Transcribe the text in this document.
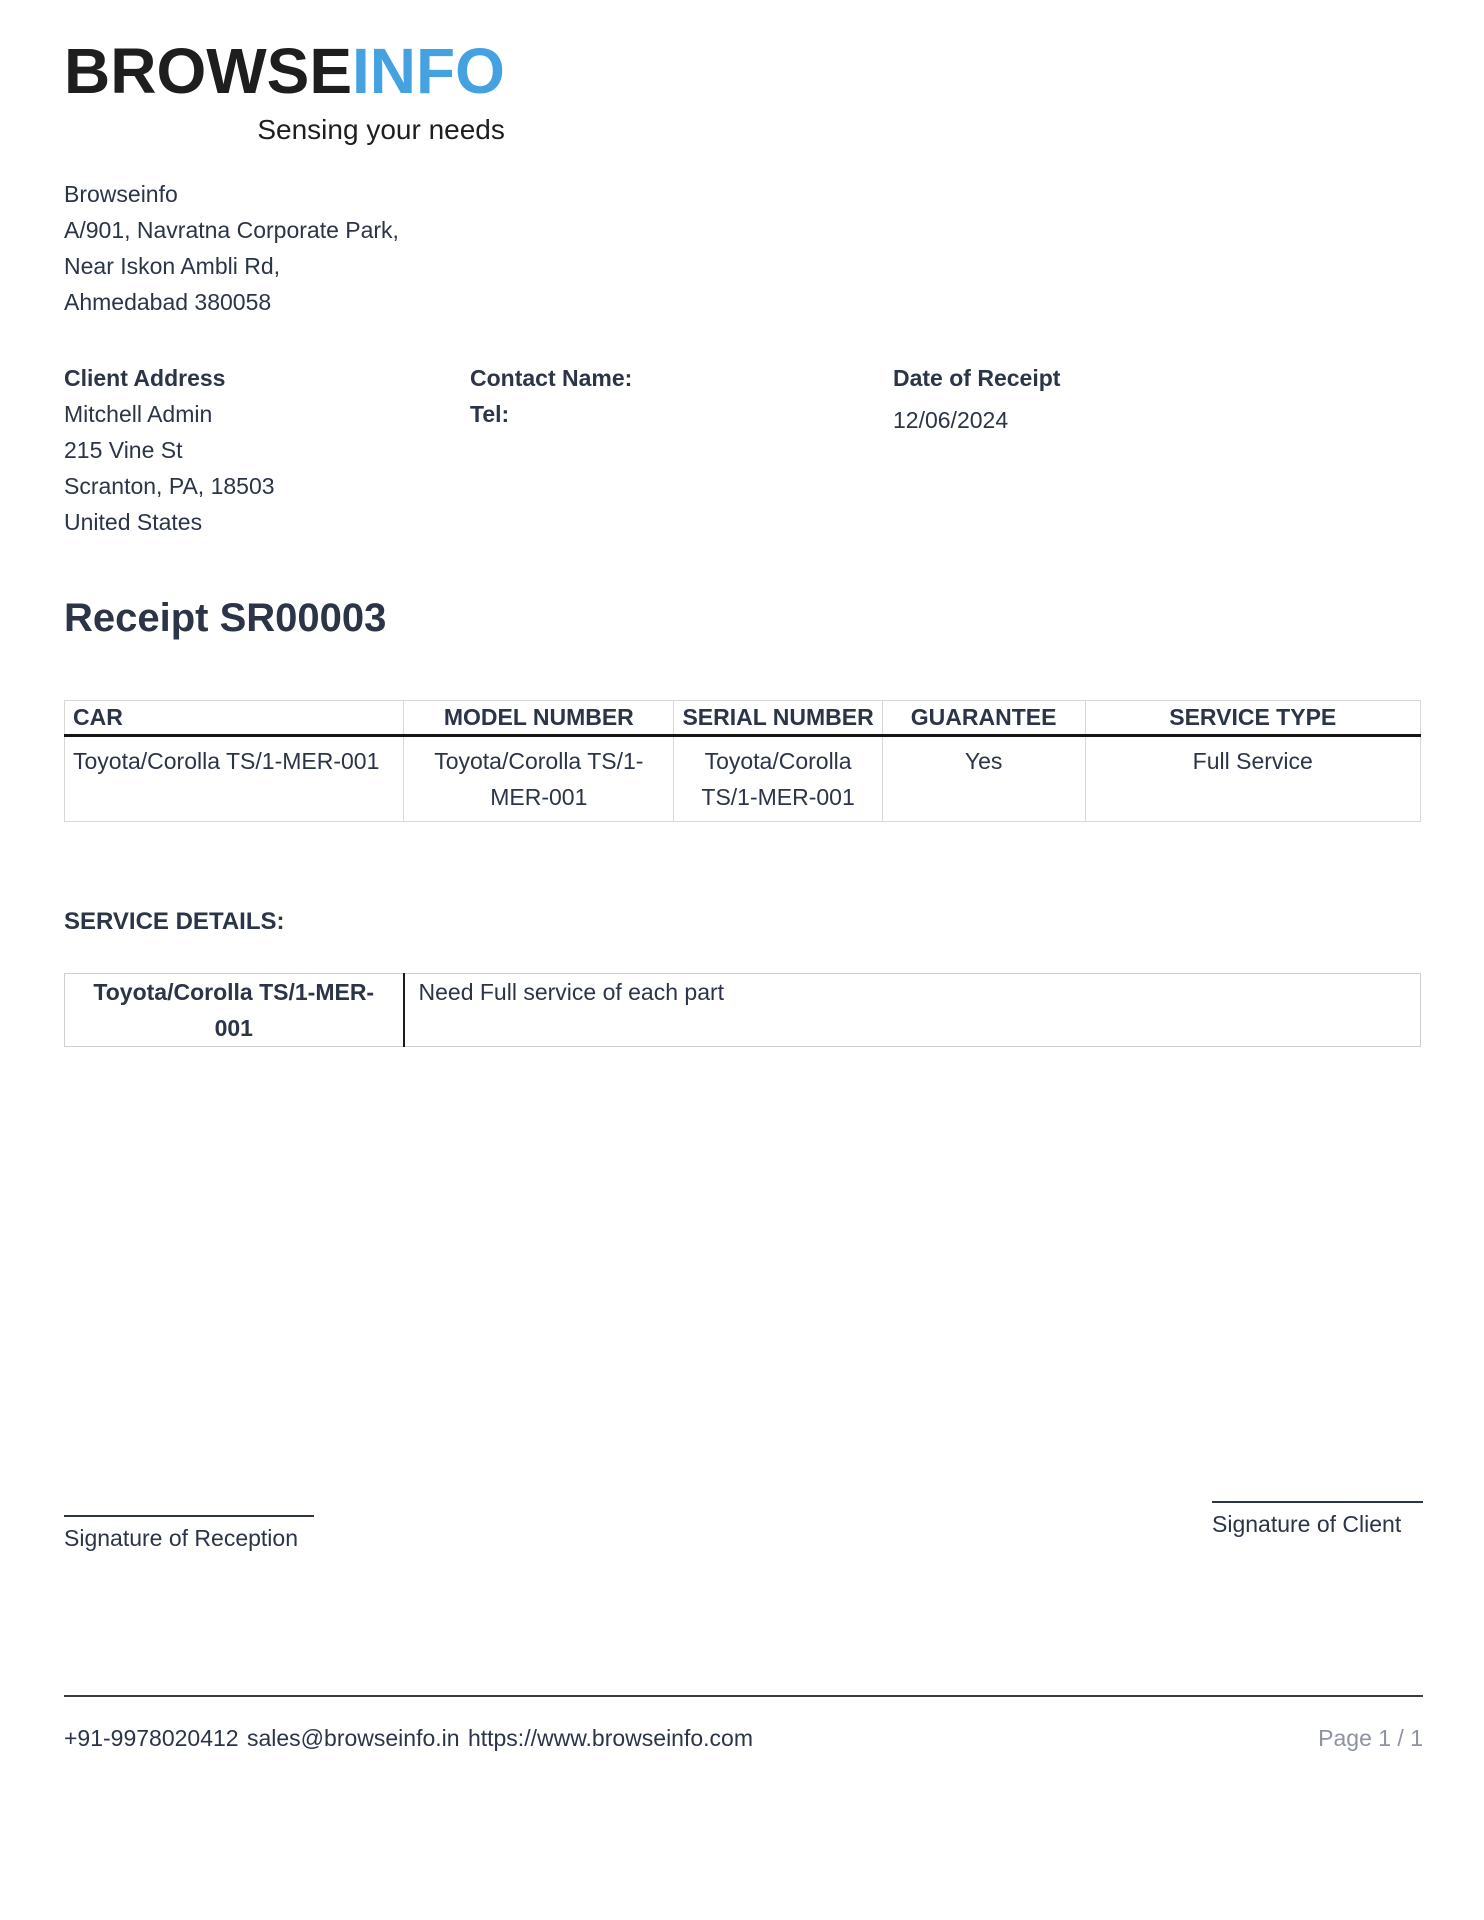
BROWSEINFO
Sensing your needs
Browseinfo
A/901, Navratna Corporate Park,
Near Iskon Ambli Rd,
Ahmedabad 380058
Client Address
Mitchell Admin
215 Vine St
Scranton, PA, 18503
United States
Contact Name:
Tel:
Date of Receipt
12/06/2024
Receipt SR00003
CAR	MODEL NUMBER	SERIAL NUMBER	GUARANTEE	SERVICE TYPE
Toyota/Corolla TS/1-MER-001	Toyota/Corolla TS/1-MER-001	Toyota/Corolla TS/1-MER-001	Yes	Full Service
SERVICE DETAILS:
Toyota/Corolla TS/1-MER-001	Need Full service of each part
Signature of Reception
Signature of Client
+91-9978020412 sales@browseinfo.in https://www.browseinfo.com	Page 1 / 1
